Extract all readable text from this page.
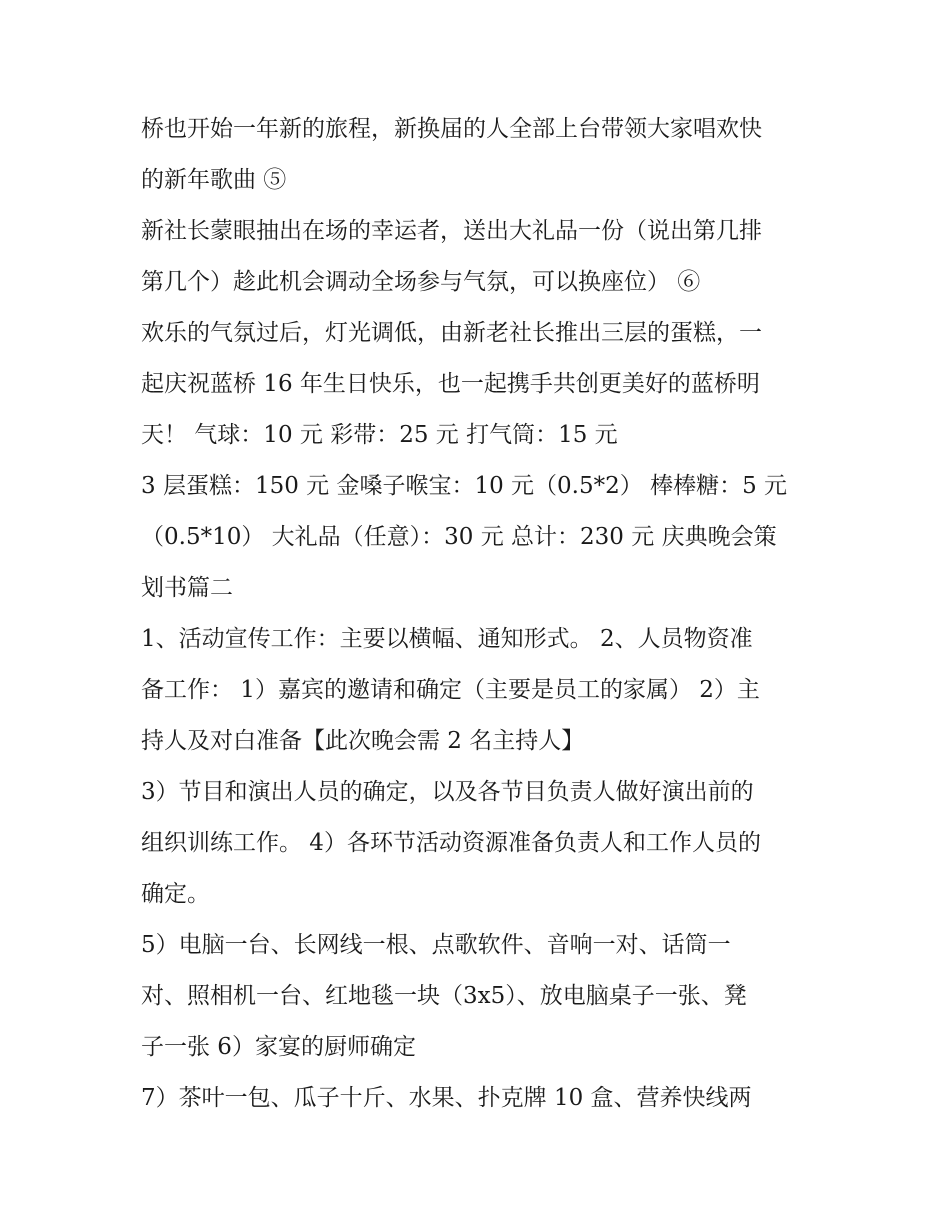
桥也开始一年新的旅程，新换届的人全部上台带领大家唱欢快
的新年歌曲 ⑤
新社长蒙眼抽出在场的幸运者，送出大礼品一份（说出第几排
第几个）趁此机会调动全场参与气氛，可以换座位） ⑥
欢乐的气氛过后，灯光调低，由新老社长推出三层的蛋糕，一
起庆祝蓝桥 16 年生日快乐，也一起携手共创更美好的蓝桥明
天！ 气球：10 元 彩带：25 元 打气筒：15 元
3 层蛋糕：150 元 金嗓子喉宝：10 元（0.5*2） 棒棒糖：5 元
（0.5*10） 大礼品（任意）：30 元 总计：230 元 庆典晚会策
划书篇二
1、活动宣传工作：主要以横幅、通知形式。 2、人员物资准
备工作： 1）嘉宾的邀请和确定（主要是员工的家属） 2）主
持人及对白准备【此次晚会需 2 名主持人】
3）节目和演出人员的确定，以及各节目负责人做好演出前的
组织训练工作。 4）各环节活动资源准备负责人和工作人员的
确定。
5）电脑一台、长网线一根、点歌软件、音响一对、话筒一
对、照相机一台、红地毯一块（3x5）、放电脑桌子一张、凳
子一张 6）家宴的厨师确定
7）茶叶一包、瓜子十斤、水果、扑克牌 10 盒、营养快线两
